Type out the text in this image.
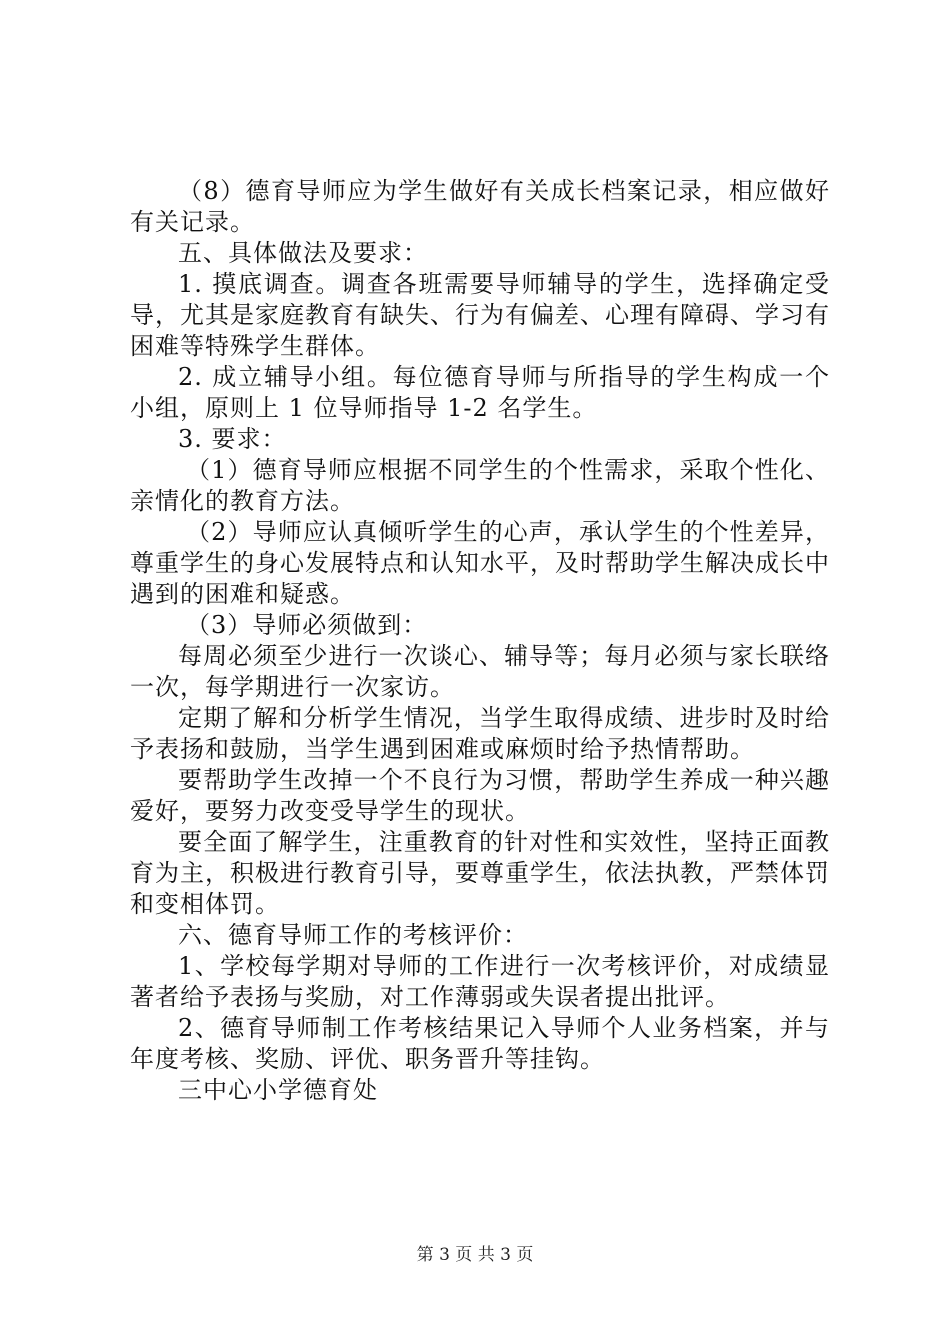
（8）德育导师应为学生做好有关成长档案记录，相应做好有关记录。

五、具体做法及要求：

1. 摸底调查。调查各班需要导师辅导的学生，选择确定受导，尤其是家庭教育有缺失、行为有偏差、心理有障碍、学习有困难等特殊学生群体。

2. 成立辅导小组。每位德育导师与所指导的学生构成一个小组，原则上 1 位导师指导 1-2 名学生。

3. 要求：

（1）德育导师应根据不同学生的个性需求，采取个性化、亲情化的教育方法。

（2）导师应认真倾听学生的心声，承认学生的个性差异，尊重学生的身心发展特点和认知水平，及时帮助学生解决成长中遇到的困难和疑惑。

（3）导师必须做到：

每周必须至少进行一次谈心、辅导等；每月必须与家长联络一次，每学期进行一次家访。

定期了解和分析学生情况，当学生取得成绩、进步时及时给予表扬和鼓励，当学生遇到困难或麻烦时给予热情帮助。

要帮助学生改掉一个不良行为习惯，帮助学生养成一种兴趣爱好，要努力改变受导学生的现状。

要全面了解学生，注重教育的针对性和实效性，坚持正面教育为主，积极进行教育引导，要尊重学生，依法执教，严禁体罚和变相体罚。

六、德育导师工作的考核评价：

1、学校每学期对导师的工作进行一次考核评价，对成绩显著者给予表扬与奖励，对工作薄弱或失误者提出批评。

2、德育导师制工作考核结果记入导师个人业务档案，并与年度考核、奖励、评优、职务晋升等挂钩。

三中心小学德育处

第 3 页 共 3 页
